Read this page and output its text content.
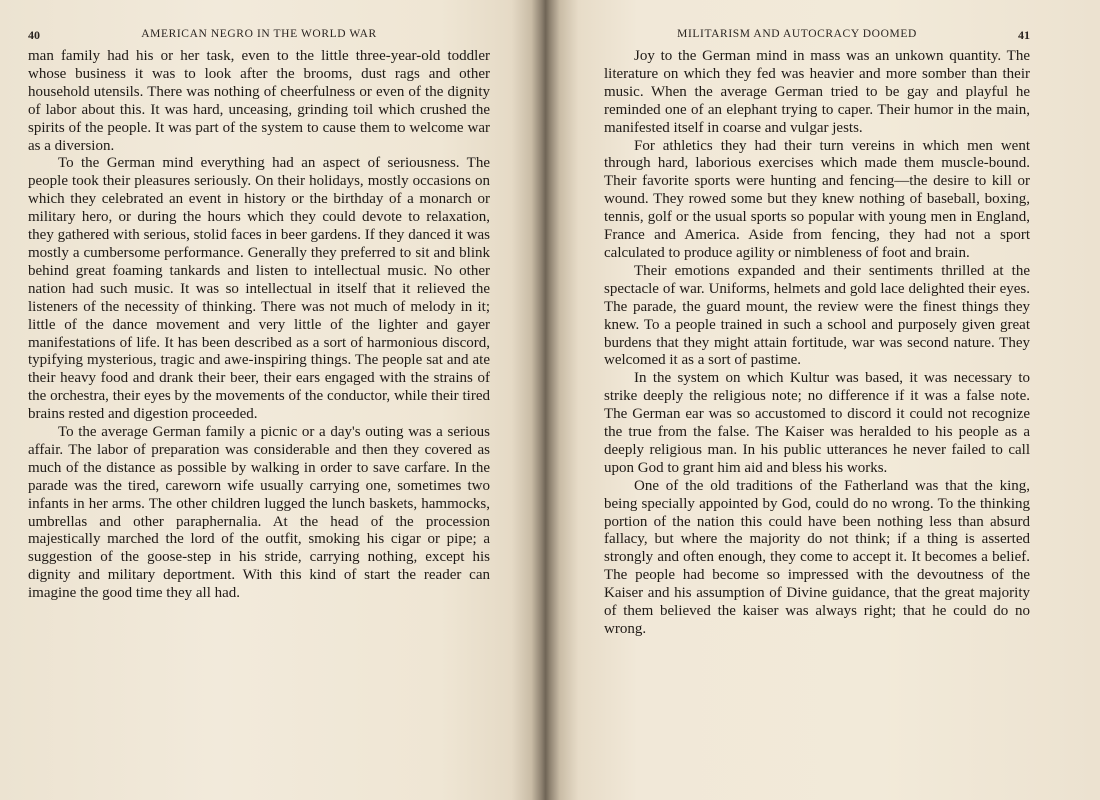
40	AMERICAN NEGRO IN THE WORLD WAR

man family had his or her task, even to the little three-year-old toddler whose business it was to look after the brooms, dust rags and other household utensils. There was nothing of cheerfulness or even of the dignity of labor about this. It was hard, unceasing, grinding toil which crushed the spirits of the people. It was part of the system to cause them to welcome war as a diversion.

To the German mind everything had an aspect of seriousness. The people took their pleasures seriously. On their holidays, mostly occasions on which they celebrated an event in history or the birthday of a monarch or military hero, or during the hours which they could devote to relaxation, they gathered with serious, stolid faces in beer gardens. If they danced it was mostly a cumbersome performance. Generally they preferred to sit and blink behind great foaming tankards and listen to intellectual music. No other nation had such music. It was so intellectual in itself that it relieved the listeners of the necessity of thinking. There was not much of melody in it; little of the dance movement and very little of the lighter and gayer manifestations of life. It has been described as a sort of harmonious discord, typifying mysterious, tragic and awe-inspiring things. The people sat and ate their heavy food and drank their beer, their ears engaged with the strains of the orchestra, their eyes by the movements of the conductor, while their tired brains rested and digestion proceeded.

To the average German family a picnic or a day's outing was a serious affair. The labor of preparation was considerable and then they covered as much of the distance as possible by walking in order to save carfare. In the parade was the tired, careworn wife usually carrying one, sometimes two infants in her arms. The other children lugged the lunch baskets, hammocks, umbrellas and other paraphernalia. At the head of the procession majestically marched the lord of the outfit, smoking his cigar or pipe; a suggestion of the goose-step in his stride, carrying nothing, except his dignity and military deportment. With this kind of start the reader can imagine the good time they all had.

MILITARISM AND AUTOCRACY DOOMED	41

Joy to the German mind in mass was an unkown quantity. The literature on which they fed was heavier and more somber than their music. When the average German tried to be gay and playful he reminded one of an elephant trying to caper. Their humor in the main, manifested itself in coarse and vulgar jests.

For athletics they had their turn vereins in which men went through hard, laborious exercises which made them muscle-bound. Their favorite sports were hunting and fencing—the desire to kill or wound. They rowed some but they knew nothing of baseball, boxing, tennis, golf or the usual sports so popular with young men in England, France and America. Aside from fencing, they had not a sport calculated to produce agility or nimbleness of foot and brain.

Their emotions expanded and their sentiments thrilled at the spectacle of war. Uniforms, helmets and gold lace delighted their eyes. The parade, the guard mount, the review were the finest things they knew. To a people trained in such a school and purposely given great burdens that they might attain fortitude, war was second nature. They welcomed it as a sort of pastime.

In the system on which Kultur was based, it was necessary to strike deeply the religious note; no difference if it was a false note. The German ear was so accustomed to discord it could not recognize the true from the false. The Kaiser was heralded to his people as a deeply religious man. In his public utterances he never failed to call upon God to grant him aid and bless his works.

One of the old traditions of the Fatherland was that the king, being specially appointed by God, could do no wrong. To the thinking portion of the nation this could have been nothing less than absurd fallacy, but where the majority do not think; if a thing is asserted strongly and often enough, they come to accept it. It becomes a belief. The people had become so impressed with the devoutness of the Kaiser and his assumption of Divine guidance, that the great majority of them believed the kaiser was always right; that he could do no wrong.
